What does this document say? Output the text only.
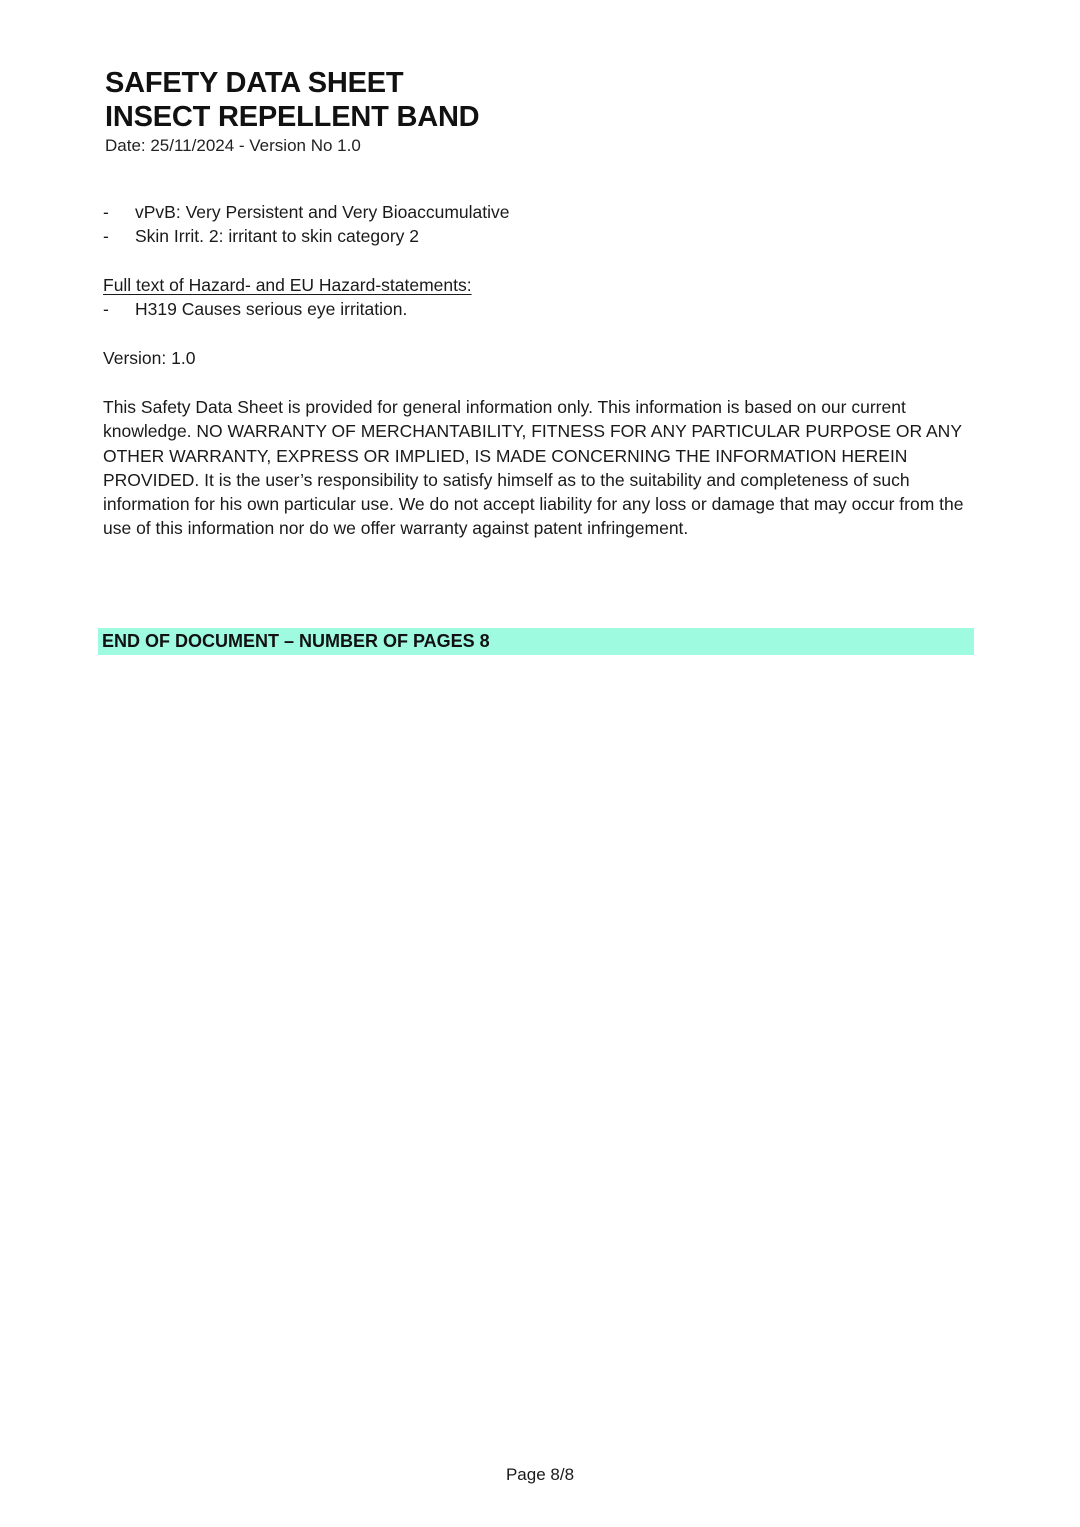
SAFETY DATA SHEET
INSECT REPELLENT BAND
Date: 25/11/2024 - Version No 1.0
- vPvB: Very Persistent and Very Bioaccumulative
- Skin Irrit. 2: irritant to skin category 2
Full text of Hazard- and EU Hazard-statements:
- H319 Causes serious eye irritation.
Version: 1.0

This Safety Data Sheet is provided for general information only. This information is based on our current knowledge. NO WARRANTY OF MERCHANTABILITY, FITNESS FOR ANY PARTICULAR PURPOSE OR ANY OTHER WARRANTY, EXPRESS OR IMPLIED, IS MADE CONCERNING THE INFORMATION HEREIN PROVIDED. It is the user’s responsibility to satisfy himself as to the suitability and completeness of such information for his own particular use. We do not accept liability for any loss or damage that may occur from the use of this information nor do we offer warranty against patent infringement.

END OF DOCUMENT – NUMBER OF PAGES 8
Page 8/8
